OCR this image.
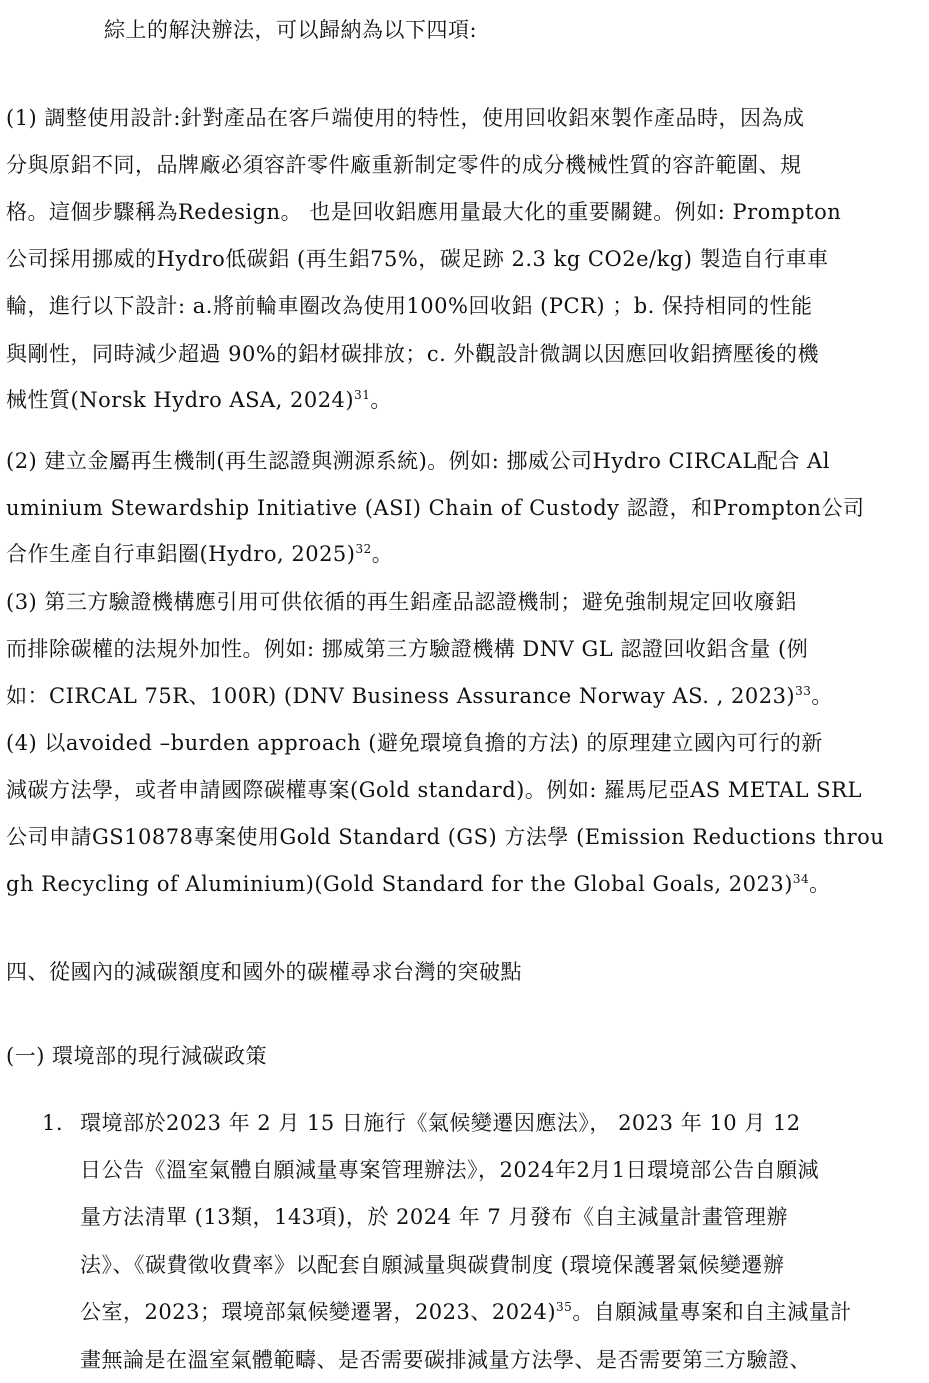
綜上的解決辦法，可以歸納為以下四項:
(1) 調整使用設計:針對產品在客戶端使用的特性，使用回收鋁來製作產品時，因為成
分與原鋁不同，品牌廠必須容許零件廠重新制定零件的成分機械性質的容許範圍、規
格。這個步驟稱為Redesign。 也是回收鋁應用量最大化的重要關鍵。例如: Prompton
公司採用挪威的Hydro低碳鋁 (再生鋁75%，碳足跡 2.3 kg CO2e/kg) 製造自行車車
輪，進行以下設計: a.將前輪車圈改為使用100%回收鋁 (PCR) ；b. 保持相同的性能
與剛性，同時減少超過 90%的鋁材碳排放；c. 外觀設計微調以因應回收鋁擠壓後的機
械性質(Norsk Hydro ASA, 2024)$^{31}$。
(2) 建立金屬再生機制(再生認證與溯源系統)。例如: 挪威公司Hydro CIRCAL配合 Al
uminium Stewardship Initiative (ASI) Chain of Custody 認證，和Prompton公司
合作生產自行車鋁圈(Hydro, 2025)$^{32}$。
(3) 第三方驗證機構應引用可供依循的再生鋁產品認證機制；避免強制規定回收廢鋁
而排除碳權的法規外加性。例如: 挪威第三方驗證機構 DNV GL 認證回收鋁含量 (例
如：CIRCAL 75R、100R) (DNV Business Assurance Norway AS. , 2023)$^{33}$。
(4) 以avoided –burden approach (避免環境負擔的方法) 的原理建立國內可行的新
減碳方法學，或者申請國際碳權專案(Gold standard)。例如: 羅馬尼亞AS METAL SRL
公司申請GS10878專案使用Gold Standard (GS) 方法學 (Emission Reductions throu
gh Recycling of Aluminium)(Gold Standard for the Global Goals, 2023)$^{34}$。
四、從國內的減碳額度和國外的碳權尋求台灣的突破點
(一) 環境部的現行減碳政策
1. 環境部於2023 年 2 月 15 日施行《氣候變遷因應法》， 2023 年 10 月 12
日公告《溫室氣體自願減量專案管理辦法》，2024年2月1日環境部公告自願減
量方法清單 (13類，143項)，於 2024 年 7 月發布《自主減量計畫管理辦
法》、《碳費徵收費率》以配套自願減量與碳費制度 (環境保護署氣候變遷辦
公室，2023；環境部氣候變遷署，2023、2024)$^{35}$。自願減量專案和自主減量計
畫無論是在溫室氣體範疇、是否需要碳排減量方法學、是否需要第三方驗證、
